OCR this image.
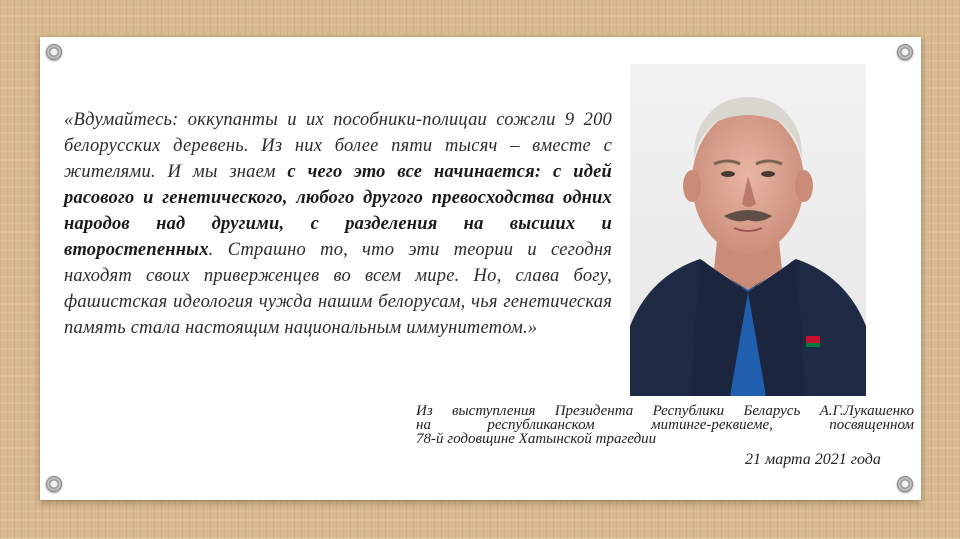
«Вдумайтесь: оккупанты и их пособники-полицаи сожгли 9 200 белорусских деревень. Из них более пяти тысяч – вместе с жителями. И мы знаем с чего это все начинается: с идей расового и генетического, любого другого превосходства одних народов над другими, с разделения на высших и второстепенных. Страшно то, что эти теории и сегодня находят своих приверженцев во всем мире. Но, слава богу, фашистская идеология чужда нашим белорусам, чья генетическая память стала настоящим национальным иммунитетом.»
Из выступления Президента Республики Беларусь А.Г.Лукашенко
на республиканском митинге-реквиеме, посвященном
78-й годовщине Хатынской трагедии
21 марта 2021 года
